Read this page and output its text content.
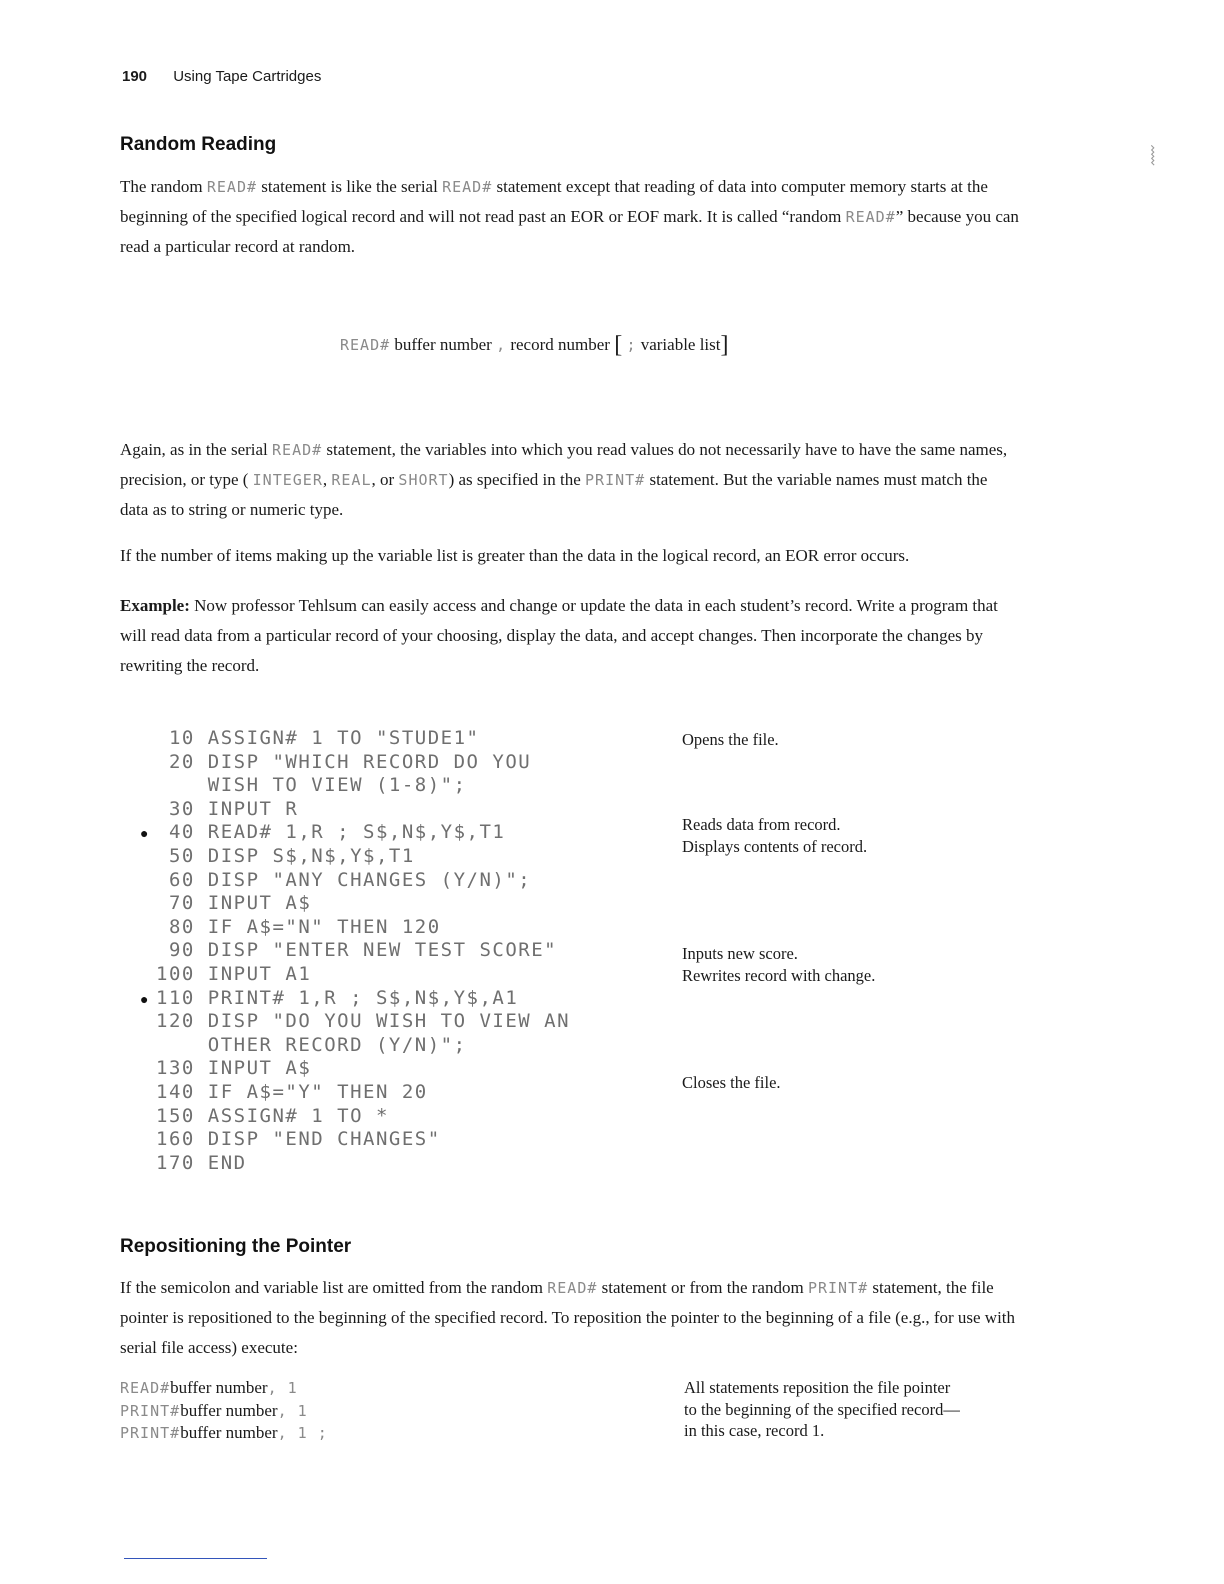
190 Using Tape Cartridges
Random Reading
The random READ# statement is like the serial READ# statement except that reading of data into computer memory starts at the beginning of the specified logical record and will not read past an EOR or EOF mark. It is called “random READ#” because you can read a particular record at random.
READ# buffer number , record number [ ; variable list]
Again, as in the serial READ# statement, the variables into which you read values do not necessarily have to have the same names, precision, or type ( INTEGER, REAL, or SHORT) as specified in the PRINT# statement. But the variable names must match the data as to string or numeric type.
If the number of items making up the variable list is greater than the data in the logical record, an EOR error occurs.
Example: Now professor Tehlsum can easily access and change or update the data in each student’s record. Write a program that will read data from a particular record of your choosing, display the data, and accept changes. Then incorporate the changes by rewriting the record.
10 ASSIGN# 1 TO "STUDE1"
20 DISP "WHICH RECORD DO YOU
WISH TO VIEW (1-8)";
30 INPUT R
● 40 READ# 1,R ; S$,N$,Y$,T1
50 DISP S$,N$,Y$,T1
60 DISP "ANY CHANGES (Y/N)";
70 INPUT A$
80 IF A$="N" THEN 120
90 DISP "ENTER NEW TEST SCORE"
100 INPUT A1
● 110 PRINT# 1,R ; S$,N$,Y$,A1
120 DISP "DO YOU WISH TO VIEW AN
OTHER RECORD (Y/N)";
130 INPUT A$
140 IF A$="Y" THEN 20
150 ASSIGN# 1 TO *
160 DISP "END CHANGES"
170 END
Opens the file.
Reads data from record.
Displays contents of record.
Inputs new score.
Rewrites record with change.
Closes the file.
Repositioning the Pointer
If the semicolon and variable list are omitted from the random READ# statement or from the random PRINT# statement, the file pointer is repositioned to the beginning of the specified record. To reposition the pointer to the beginning of a file (e.g., for use with serial file access) execute:
READ#buffer number, 1
PRINT#buffer number, 1
PRINT#buffer number, 1 ;
All statements reposition the file pointer
to the beginning of the specified record—
in this case, record 1.
⦚
